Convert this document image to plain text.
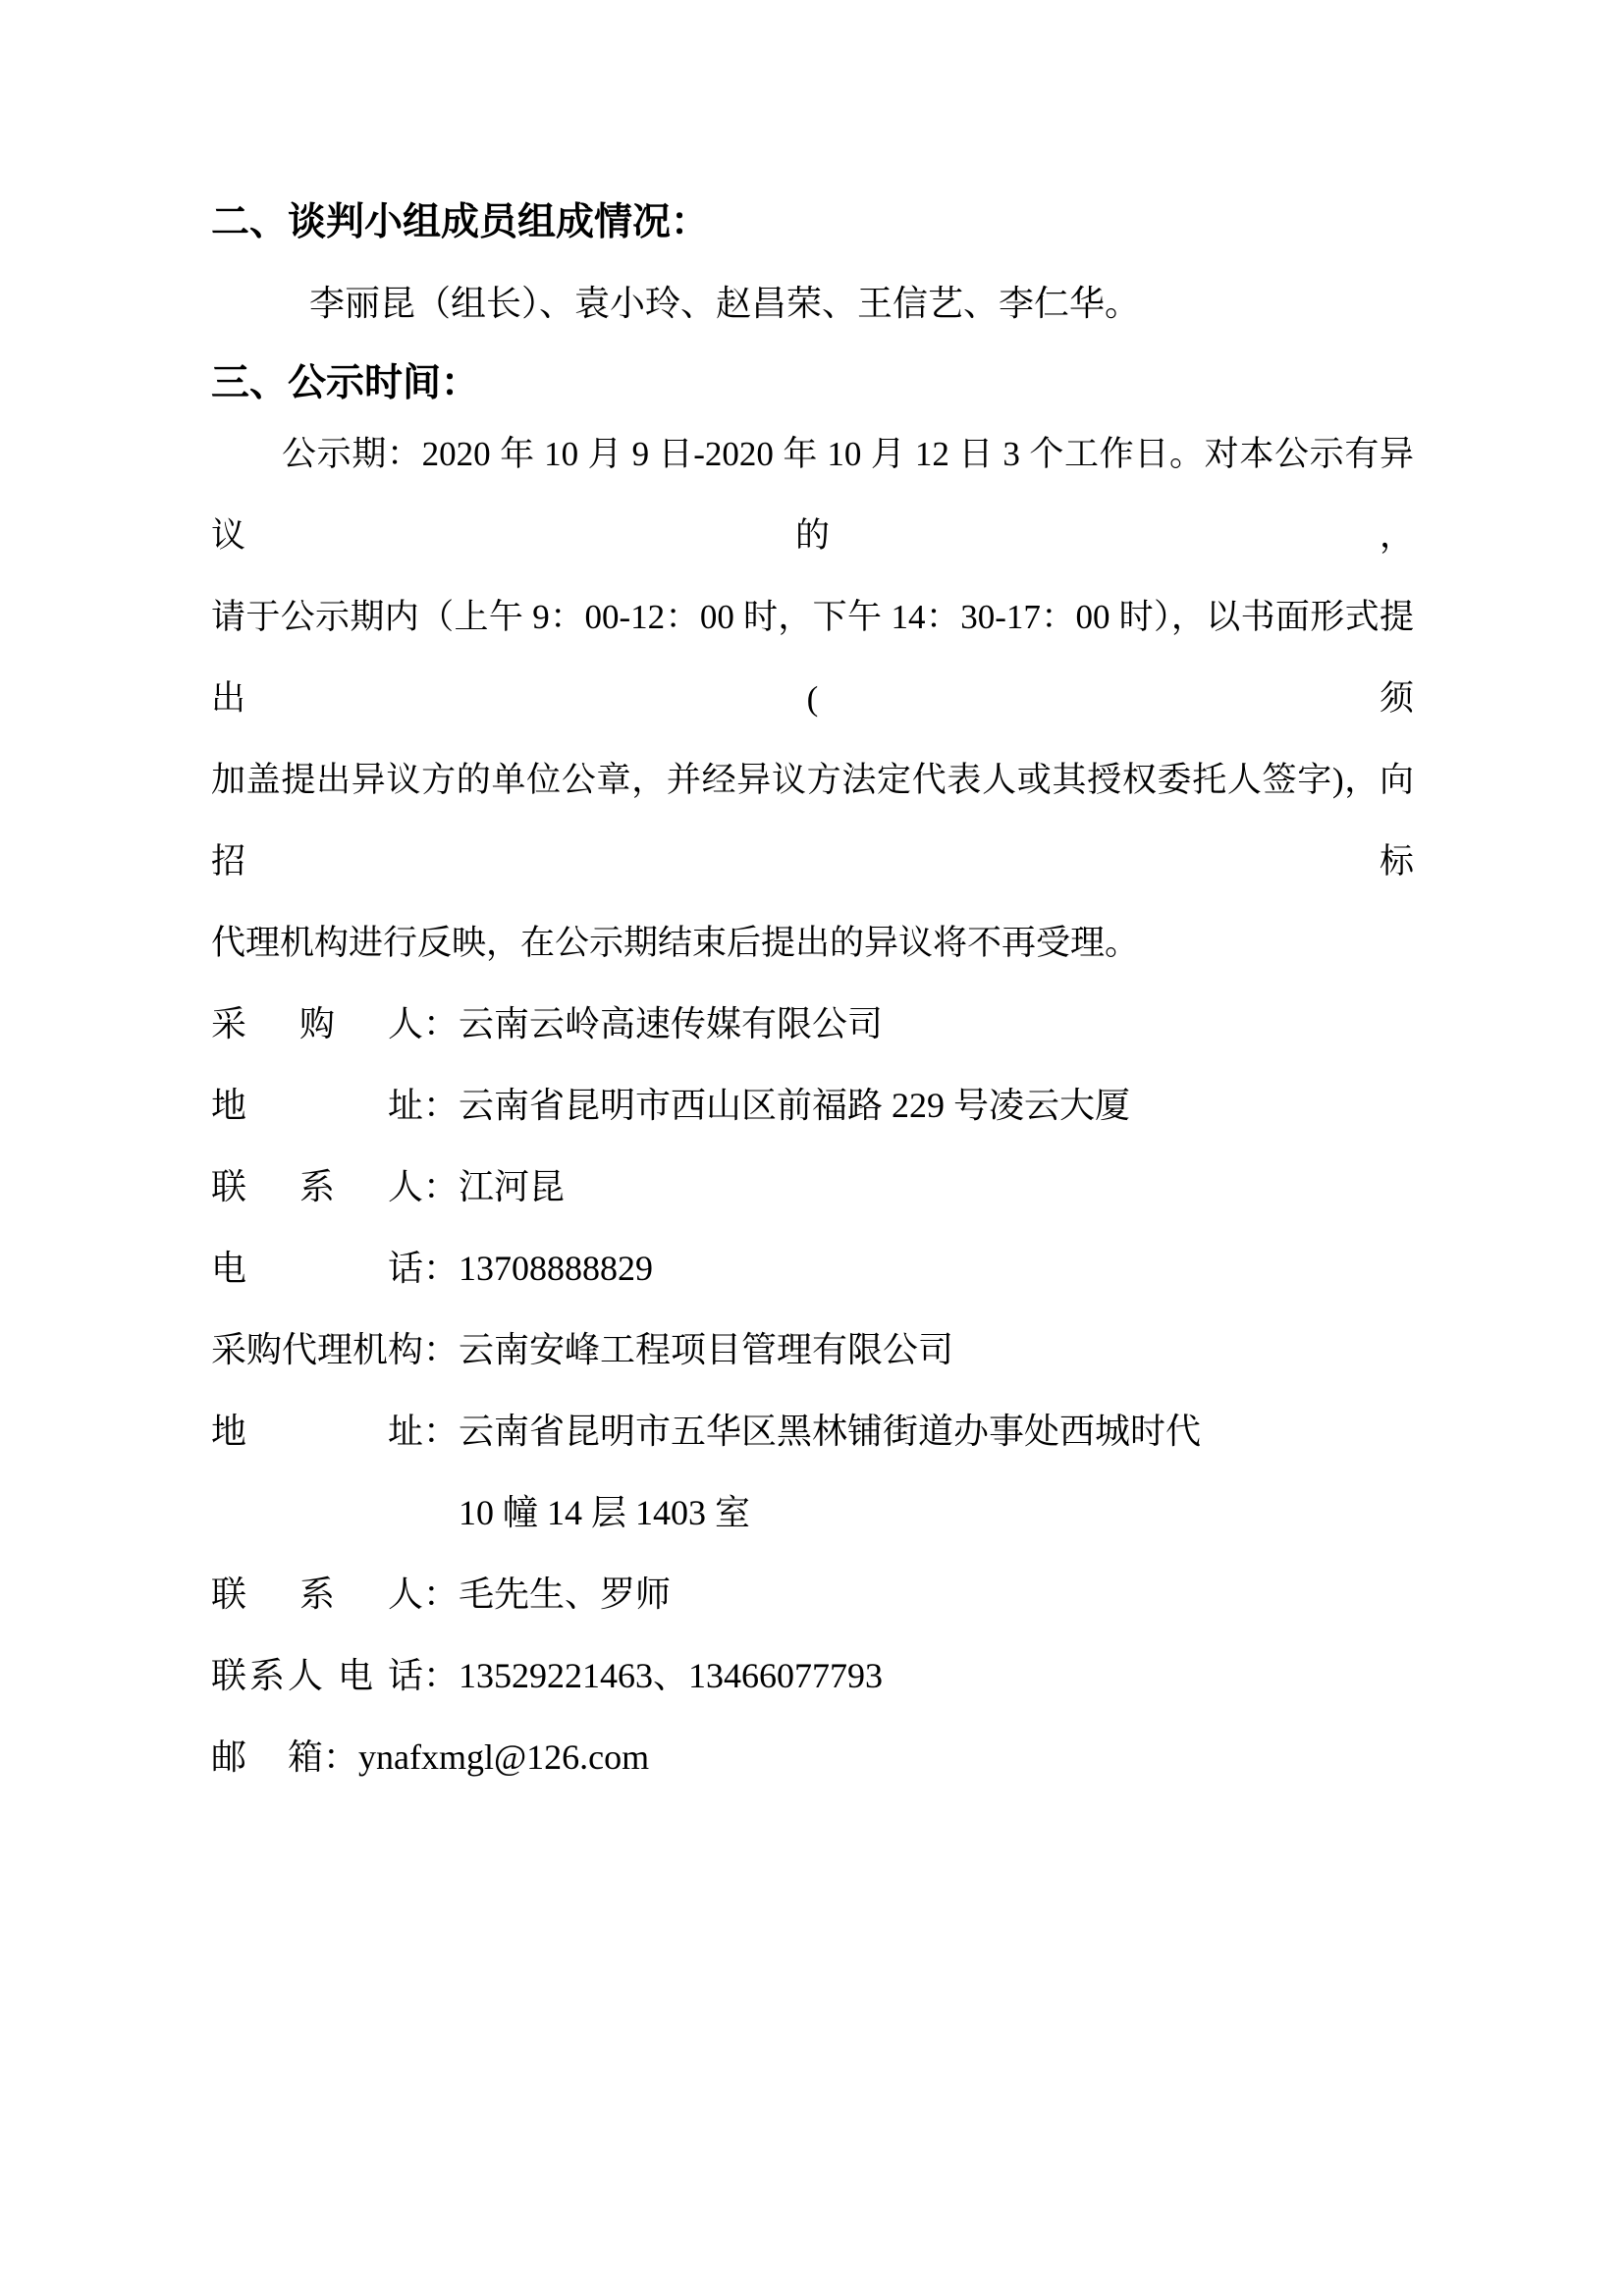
二、谈判小组成员组成情况：

李丽昆（组长）、袁小玲、赵昌荣、王信艺、李仁华。

三、公示时间：
公示期：2020 年 10 月 9 日-2020 年 10 月 12 日 3 个工作日。对本公示有异议的，
请于公示期内（上午 9：00-12：00 时，下午 14：30-17：00 时），以书面形式提出(须
加盖提出异议方的单位公章，并经异议方法定代表人或其授权委托人签字)，向招标
代理机构进行反映，在公示期结束后提出的异议将不再受理。
采购人：云南云岭高速传媒有限公司
地址：云南省昆明市西山区前福路 229 号凌云大厦
联系人：江河昆
电话：13708888829
采购代理机构：云南安峰工程项目管理有限公司
地址：云南省昆明市五华区黑林铺街道办事处西城时代
10 幢 14 层 1403 室
联系人：毛先生、罗师
联系人 电 话：13529221463、13466077793
邮箱：ynafxmgl@126.com
